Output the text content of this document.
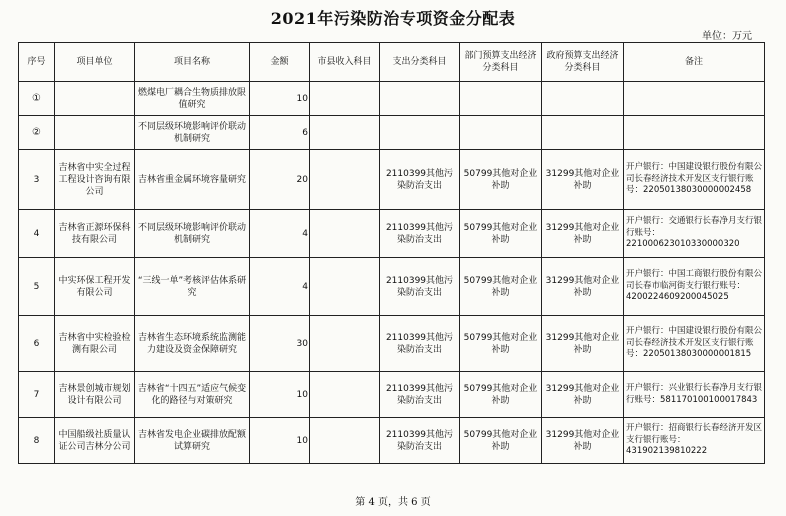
2021年污染防治专项资金分配表
单位：万元
序号	项目单位	项目名称	金额	市县收入科目	支出分类科目	部门预算支出经济分类科目	政府预算支出经济分类科目	备注
①		燃煤电厂耦合生物质排放限值研究	10					
②		不同层级环境影响评价联动机制研究	6					
3	吉林省中实全过程工程设计咨询有限公司	吉林省重金属环境容量研究	20		2110399其他污染防治支出	50799其他对企业补助	31299其他对企业补助	开户银行：中国建设银行股份有限公司长春经济技术开发区支行银行账号：22050138030000002458
4	吉林省正源环保科技有限公司	不同层级环境影响评价联动机制研究	4		2110399其他污染防治支出	50799其他对企业补助	31299其他对企业补助	开户银行：交通银行长春净月支行银行账号：221000623010330000320
5	中实环保工程开发有限公司	“三线一单”考核评估体系研究	4		2110399其他污染防治支出	50799其他对企业补助	31299其他对企业补助	开户银行：中国工商银行股份有限公司长春市临河街支行银行账号：4200224609200045025
6	吉林省中实检验检测有限公司	吉林省生态环境系统监测能力建设及资金保障研究	30		2110399其他污染防治支出	50799其他对企业补助	31299其他对企业补助	开户银行：中国建设银行股份有限公司长春经济技术开发区支行银行账号：22050138030000001815
7	吉林景创城市规划设计有限公司	吉林省“十四五”适应气候变化的路径与对策研究	10		2110399其他污染防治支出	50799其他对企业补助	31299其他对企业补助	开户银行：兴业银行长春净月支行银行账号：581170100100017843
8	中国船级社质量认证公司吉林分公司	吉林省发电企业碳排放配额试算研究	10		2110399其他污染防治支出	50799其他对企业补助	31299其他对企业补助	开户银行：招商银行长春经济开发区支行银行账号：431902139810222
第 4 页，共 6 页
